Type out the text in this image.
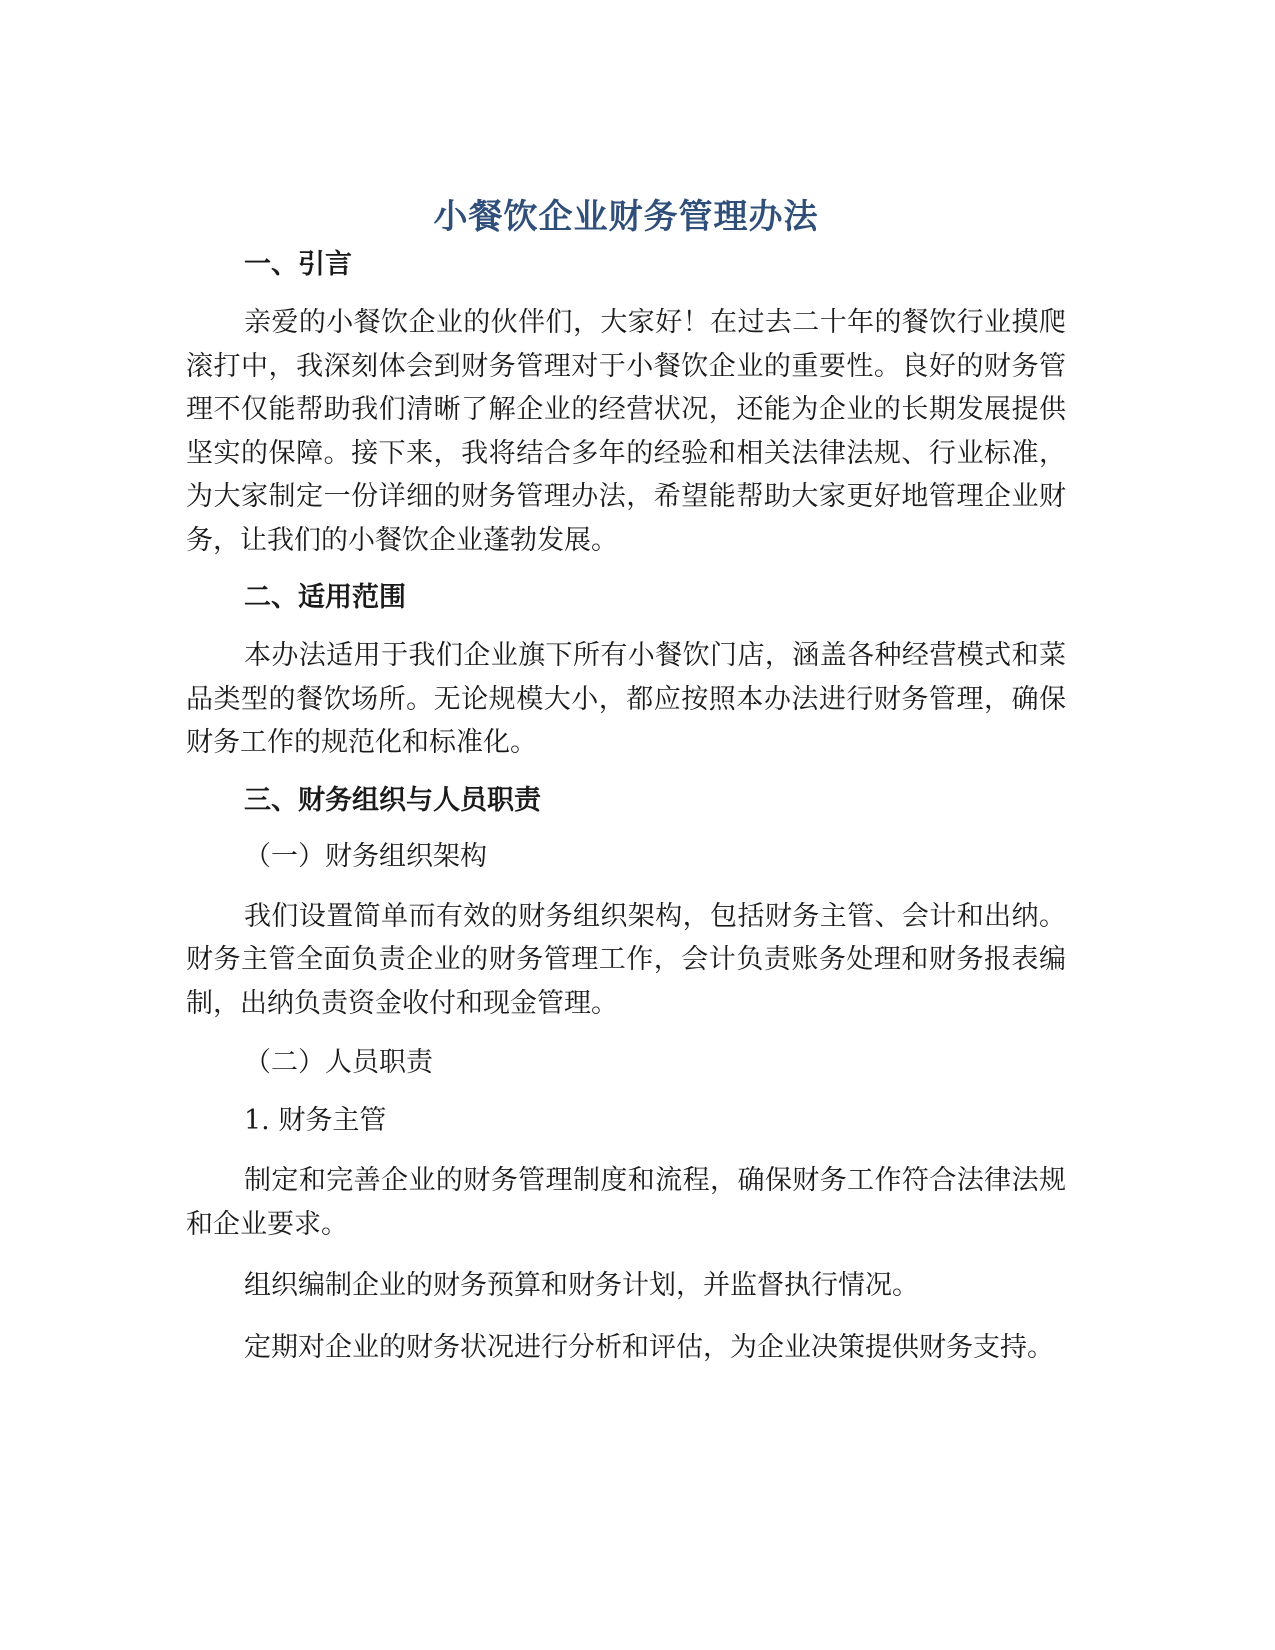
小餐饮企业财务管理办法

一、引言

亲爱的小餐饮企业的伙伴们，大家好！在过去二十年的餐饮行业摸爬滚打中，我深刻体会到财务管理对于小餐饮企业的重要性。良好的财务管理不仅能帮助我们清晰了解企业的经营状况，还能为企业的长期发展提供坚实的保障。接下来，我将结合多年的经验和相关法律法规、行业标准，为大家制定一份详细的财务管理办法，希望能帮助大家更好地管理企业财务，让我们的小餐饮企业蓬勃发展。

二、适用范围

本办法适用于我们企业旗下所有小餐饮门店，涵盖各种经营模式和菜品类型的餐饮场所。无论规模大小，都应按照本办法进行财务管理，确保财务工作的规范化和标准化。

三、财务组织与人员职责

（一）财务组织架构

我们设置简单而有效的财务组织架构，包括财务主管、会计和出纳。财务主管全面负责企业的财务管理工作，会计负责账务处理和财务报表编制，出纳负责资金收付和现金管理。

（二）人员职责

1. 财务主管

制定和完善企业的财务管理制度和流程，确保财务工作符合法律法规和企业要求。

组织编制企业的财务预算和财务计划，并监督执行情况。

定期对企业的财务状况进行分析和评估，为企业决策提供财务支持。
